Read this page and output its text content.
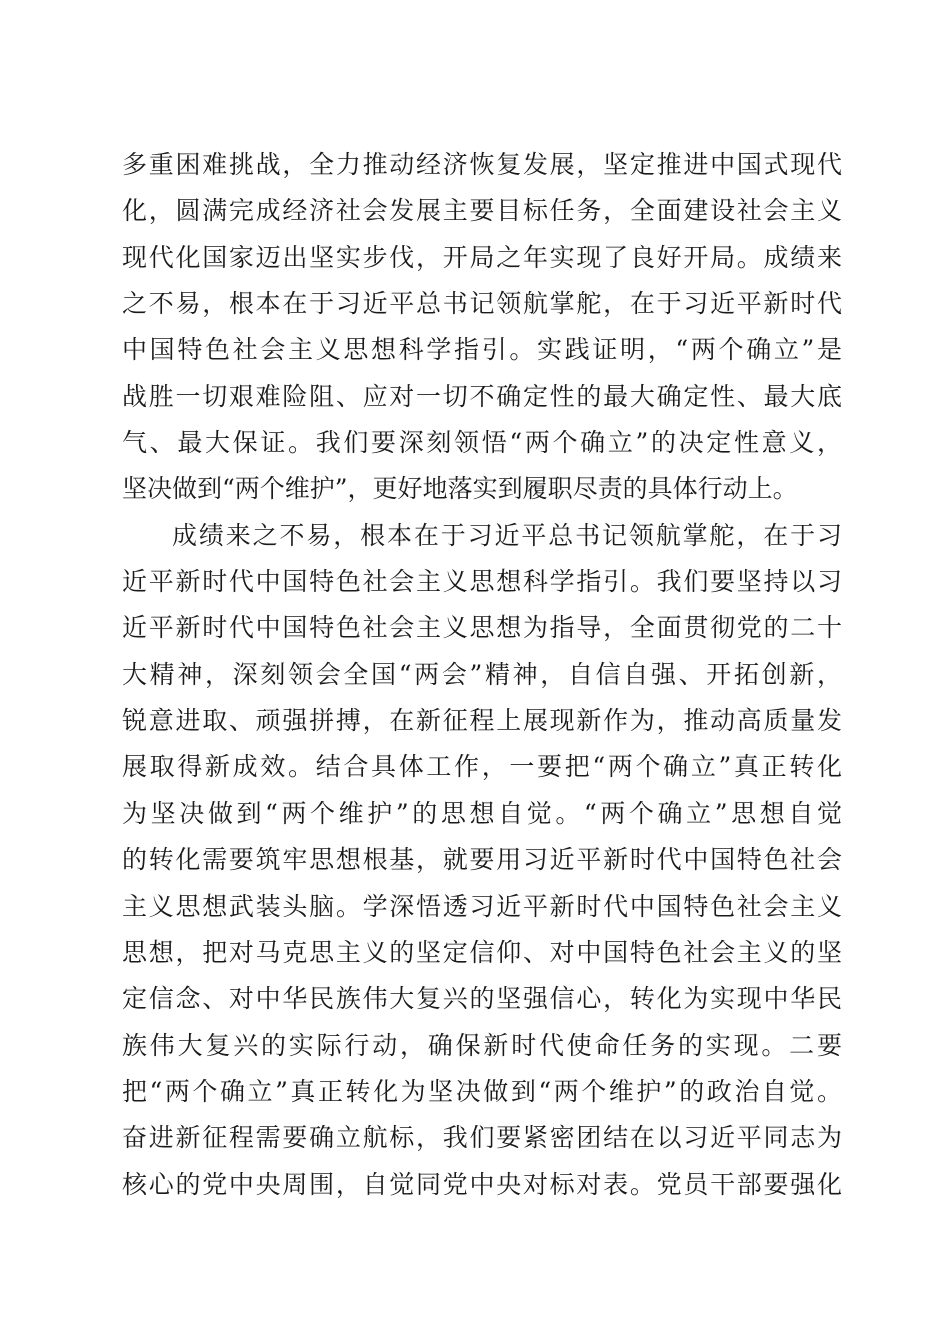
多重困难挑战，全力推动经济恢复发展，坚定推进中国式现代
化，圆满完成经济社会发展主要目标任务，全面建设社会主义
现代化国家迈出坚实步伐，开局之年实现了良好开局。成绩来
之不易，根本在于习近平总书记领航掌舵，在于习近平新时代
中国特色社会主义思想科学指引。实践证明，“两个确立”是
战胜一切艰难险阻、应对一切不确定性的最大确定性、最大底
气、最大保证。我们要深刻领悟“两个确立”的决定性意义，
坚决做到“两个维护”，更好地落实到履职尽责的具体行动上。
成绩来之不易，根本在于习近平总书记领航掌舵，在于习
近平新时代中国特色社会主义思想科学指引。我们要坚持以习
近平新时代中国特色社会主义思想为指导，全面贯彻党的二十
大精神，深刻领会全国“两会”精神，自信自强、开拓创新，
锐意进取、顽强拼搏，在新征程上展现新作为，推动高质量发
展取得新成效。结合具体工作，一要把“两个确立”真正转化
为坚决做到“两个维护”的思想自觉。“两个确立”思想自觉
的转化需要筑牢思想根基，就要用习近平新时代中国特色社会
主义思想武装头脑。学深悟透习近平新时代中国特色社会主义
思想，把对马克思主义的坚定信仰、对中国特色社会主义的坚
定信念、对中华民族伟大复兴的坚强信心，转化为实现中华民
族伟大复兴的实际行动，确保新时代使命任务的实现。二要
把“两个确立”真正转化为坚决做到“两个维护”的政治自觉。
奋进新征程需要确立航标，我们要紧密团结在以习近平同志为
核心的党中央周围，自觉同党中央对标对表。党员干部要强化
